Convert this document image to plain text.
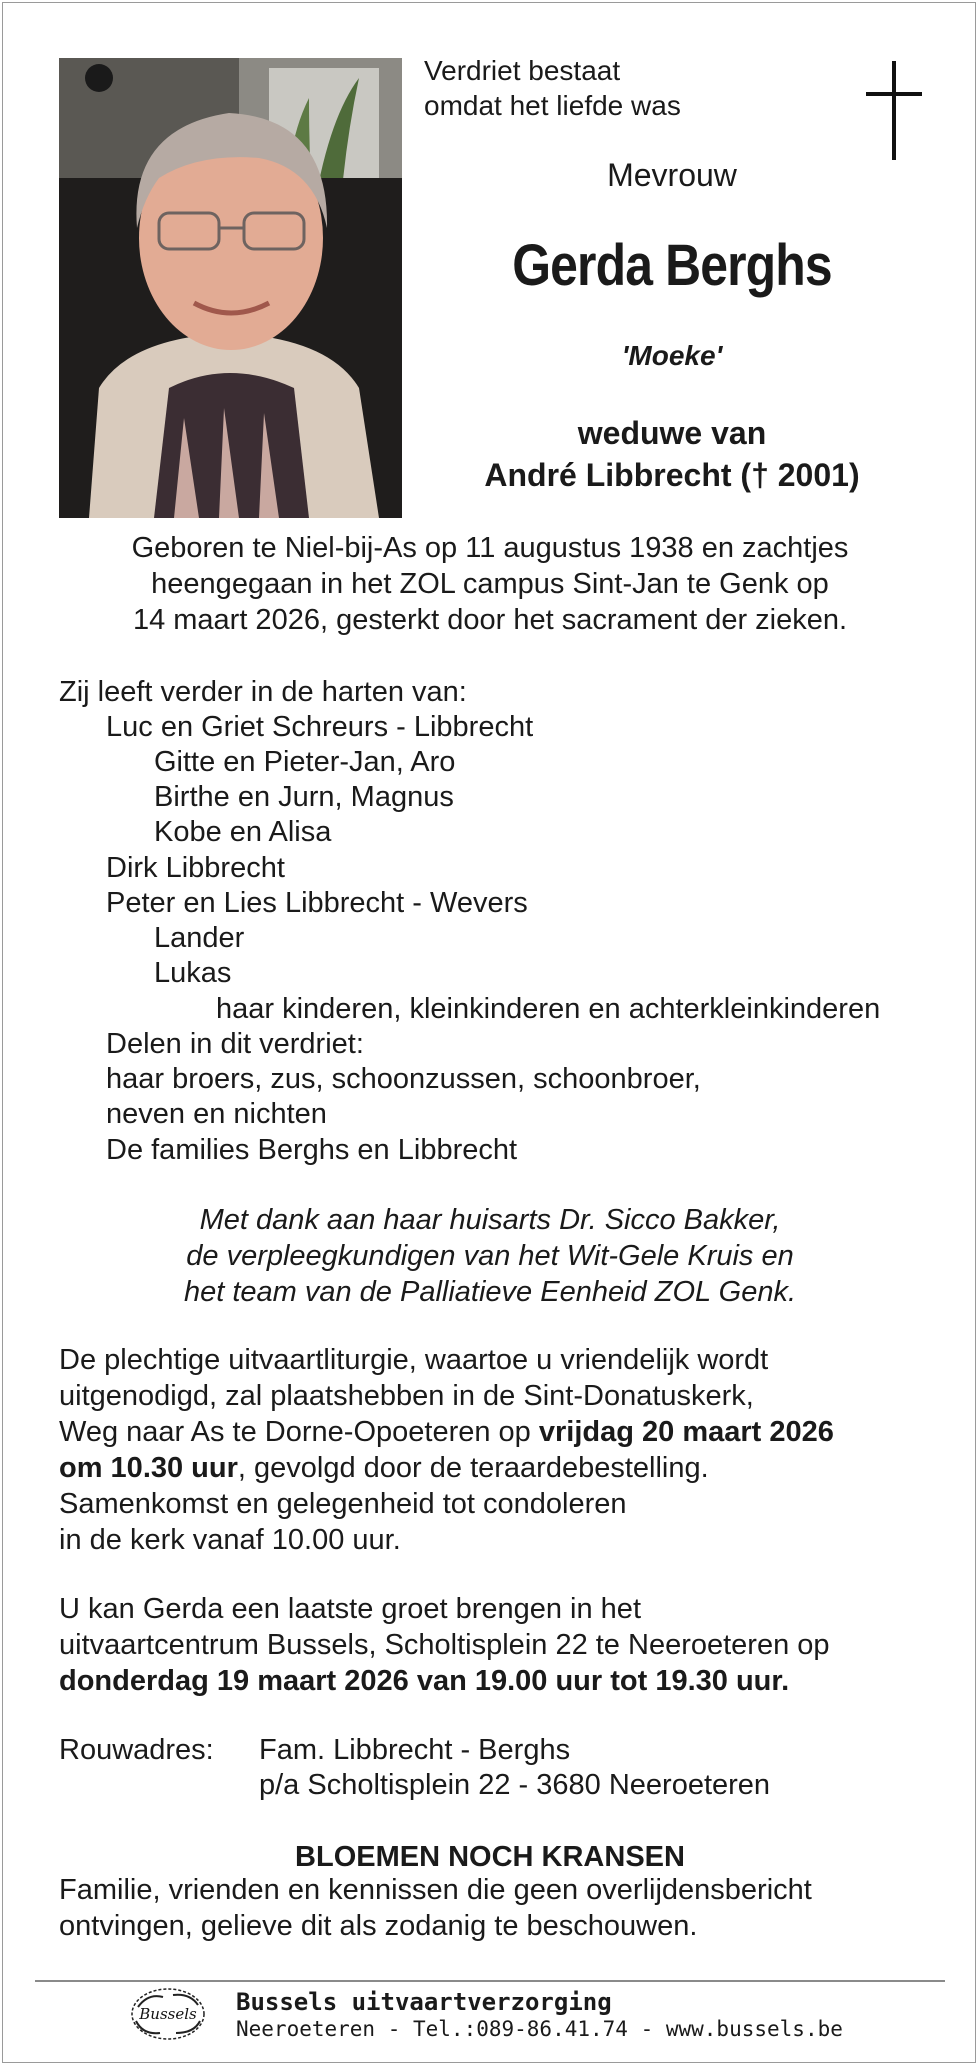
Verdriet bestaat
omdat het liefde was
Mevrouw
Gerda Berghs
'Moeke'
weduwe van
André Libbrecht († 2001)
Geboren te Niel-bij-As op 11 augustus 1938 en zachtjes
heengegaan in het ZOL campus Sint-Jan te Genk op
14 maart 2026, gesterkt door het sacrament der zieken.
Zij leeft verder in de harten van:
Luc en Griet Schreurs - Libbrecht
Gitte en Pieter-Jan, Aro
Birthe en Jurn, Magnus
Kobe en Alisa
Dirk Libbrecht
Peter en Lies Libbrecht - Wevers
Lander
Lukas
haar kinderen, kleinkinderen en achterkleinkinderen
Delen in dit verdriet:
haar broers, zus, schoonzussen, schoonbroer,
neven en nichten
De families Berghs en Libbrecht
Met dank aan haar huisarts Dr. Sicco Bakker,
de verpleegkundigen van het Wit-Gele Kruis en
het team van de Palliatieve Eenheid ZOL Genk.
De plechtige uitvaartliturgie, waartoe u vriendelijk wordt
uitgenodigd, zal plaatshebben in de Sint-Donatuskerk,
Weg naar As te Dorne-Opoeteren op vrijdag 20 maart 2026
om 10.30 uur, gevolgd door de teraardebestelling.
Samenkomst en gelegenheid tot condoleren
in de kerk vanaf 10.00 uur.
U kan Gerda een laatste groet brengen in het
uitvaartcentrum Bussels, Scholtisplein 22 te Neeroeteren op
donderdag 19 maart 2026 van 19.00 uur tot 19.30 uur.
Rouwadres: Fam. Libbrecht - Berghs
p/a Scholtisplein 22 - 3680 Neeroeteren
BLOEMEN NOCH KRANSEN
Familie, vrienden en kennissen die geen overlijdensbericht
ontvingen, gelieve dit als zodanig te beschouwen.
Bussels Bussels uitvaartverzorging
Neeroeteren - Tel.:089-86.41.74 - www.bussels.be
